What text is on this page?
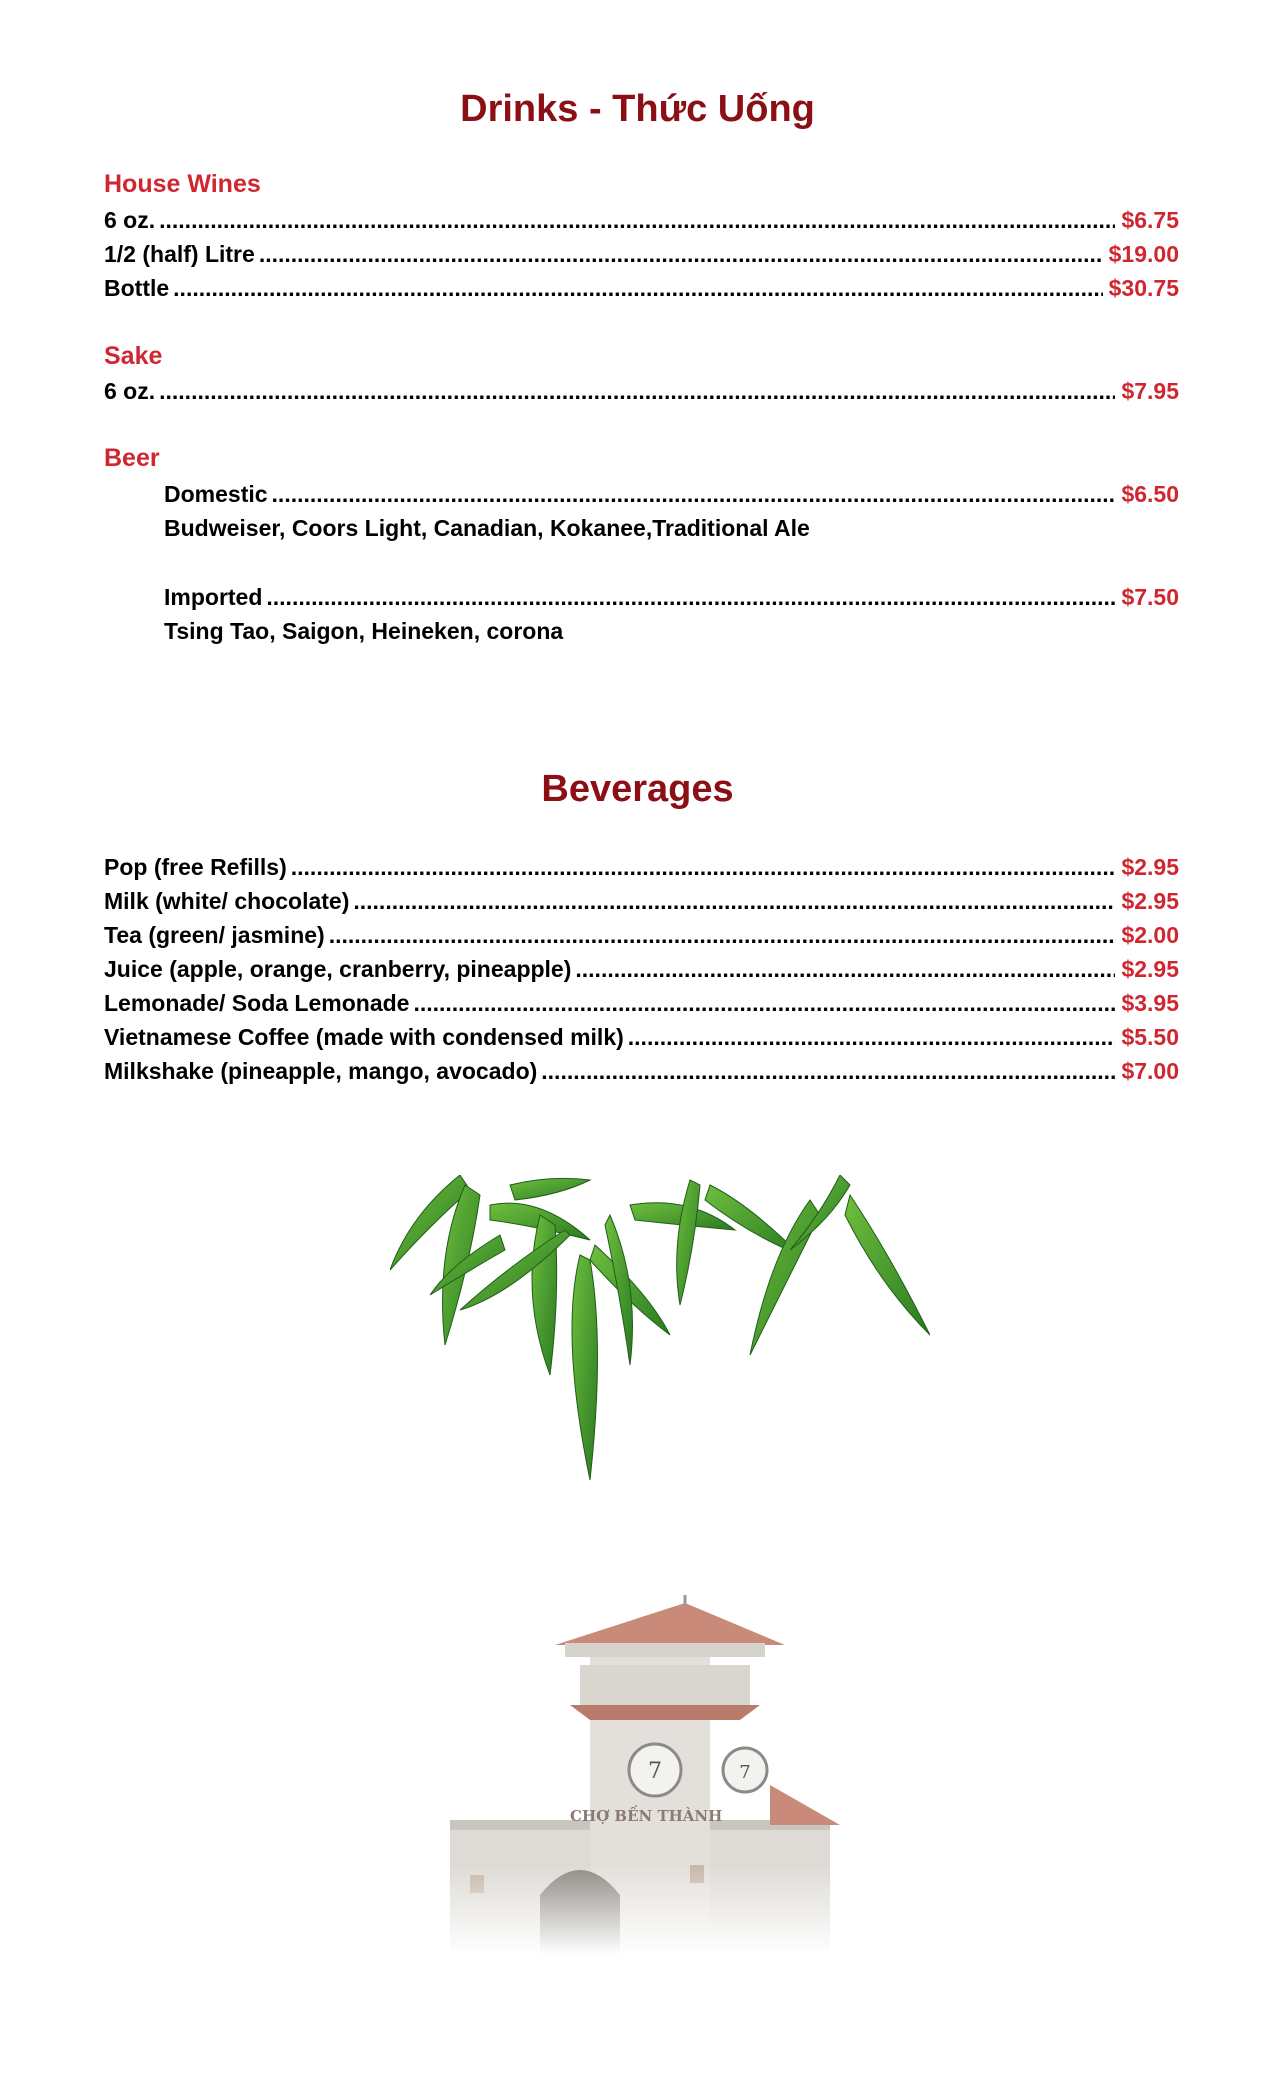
Drinks - Thức Uống
House Wines
6 oz. .....	$6.75
1/2 (half) Litre .....	$19.00
Bottle .....	$30.75
Sake
6 oz. .....	$7.95
Beer
Domestic .....	$6.50
Budweiser, Coors Light, Canadian, Kokanee,Traditional Ale
Imported .....	$7.50
Tsing Tao, Saigon, Heineken, corona
Beverages
Pop (free Refills) .....	$2.95
Milk (white/ chocolate) .....	$2.95
Tea (green/ jasmine) .....	$2.00
Juice (apple, orange, cranberry, pineapple) .....	$2.95
Lemonade/ Soda Lemonade .....	$3.95
Vietnamese Coffee (made with condensed milk) .....	$5.50
Milkshake (pineapple, mango, avocado) .....	$7.00
